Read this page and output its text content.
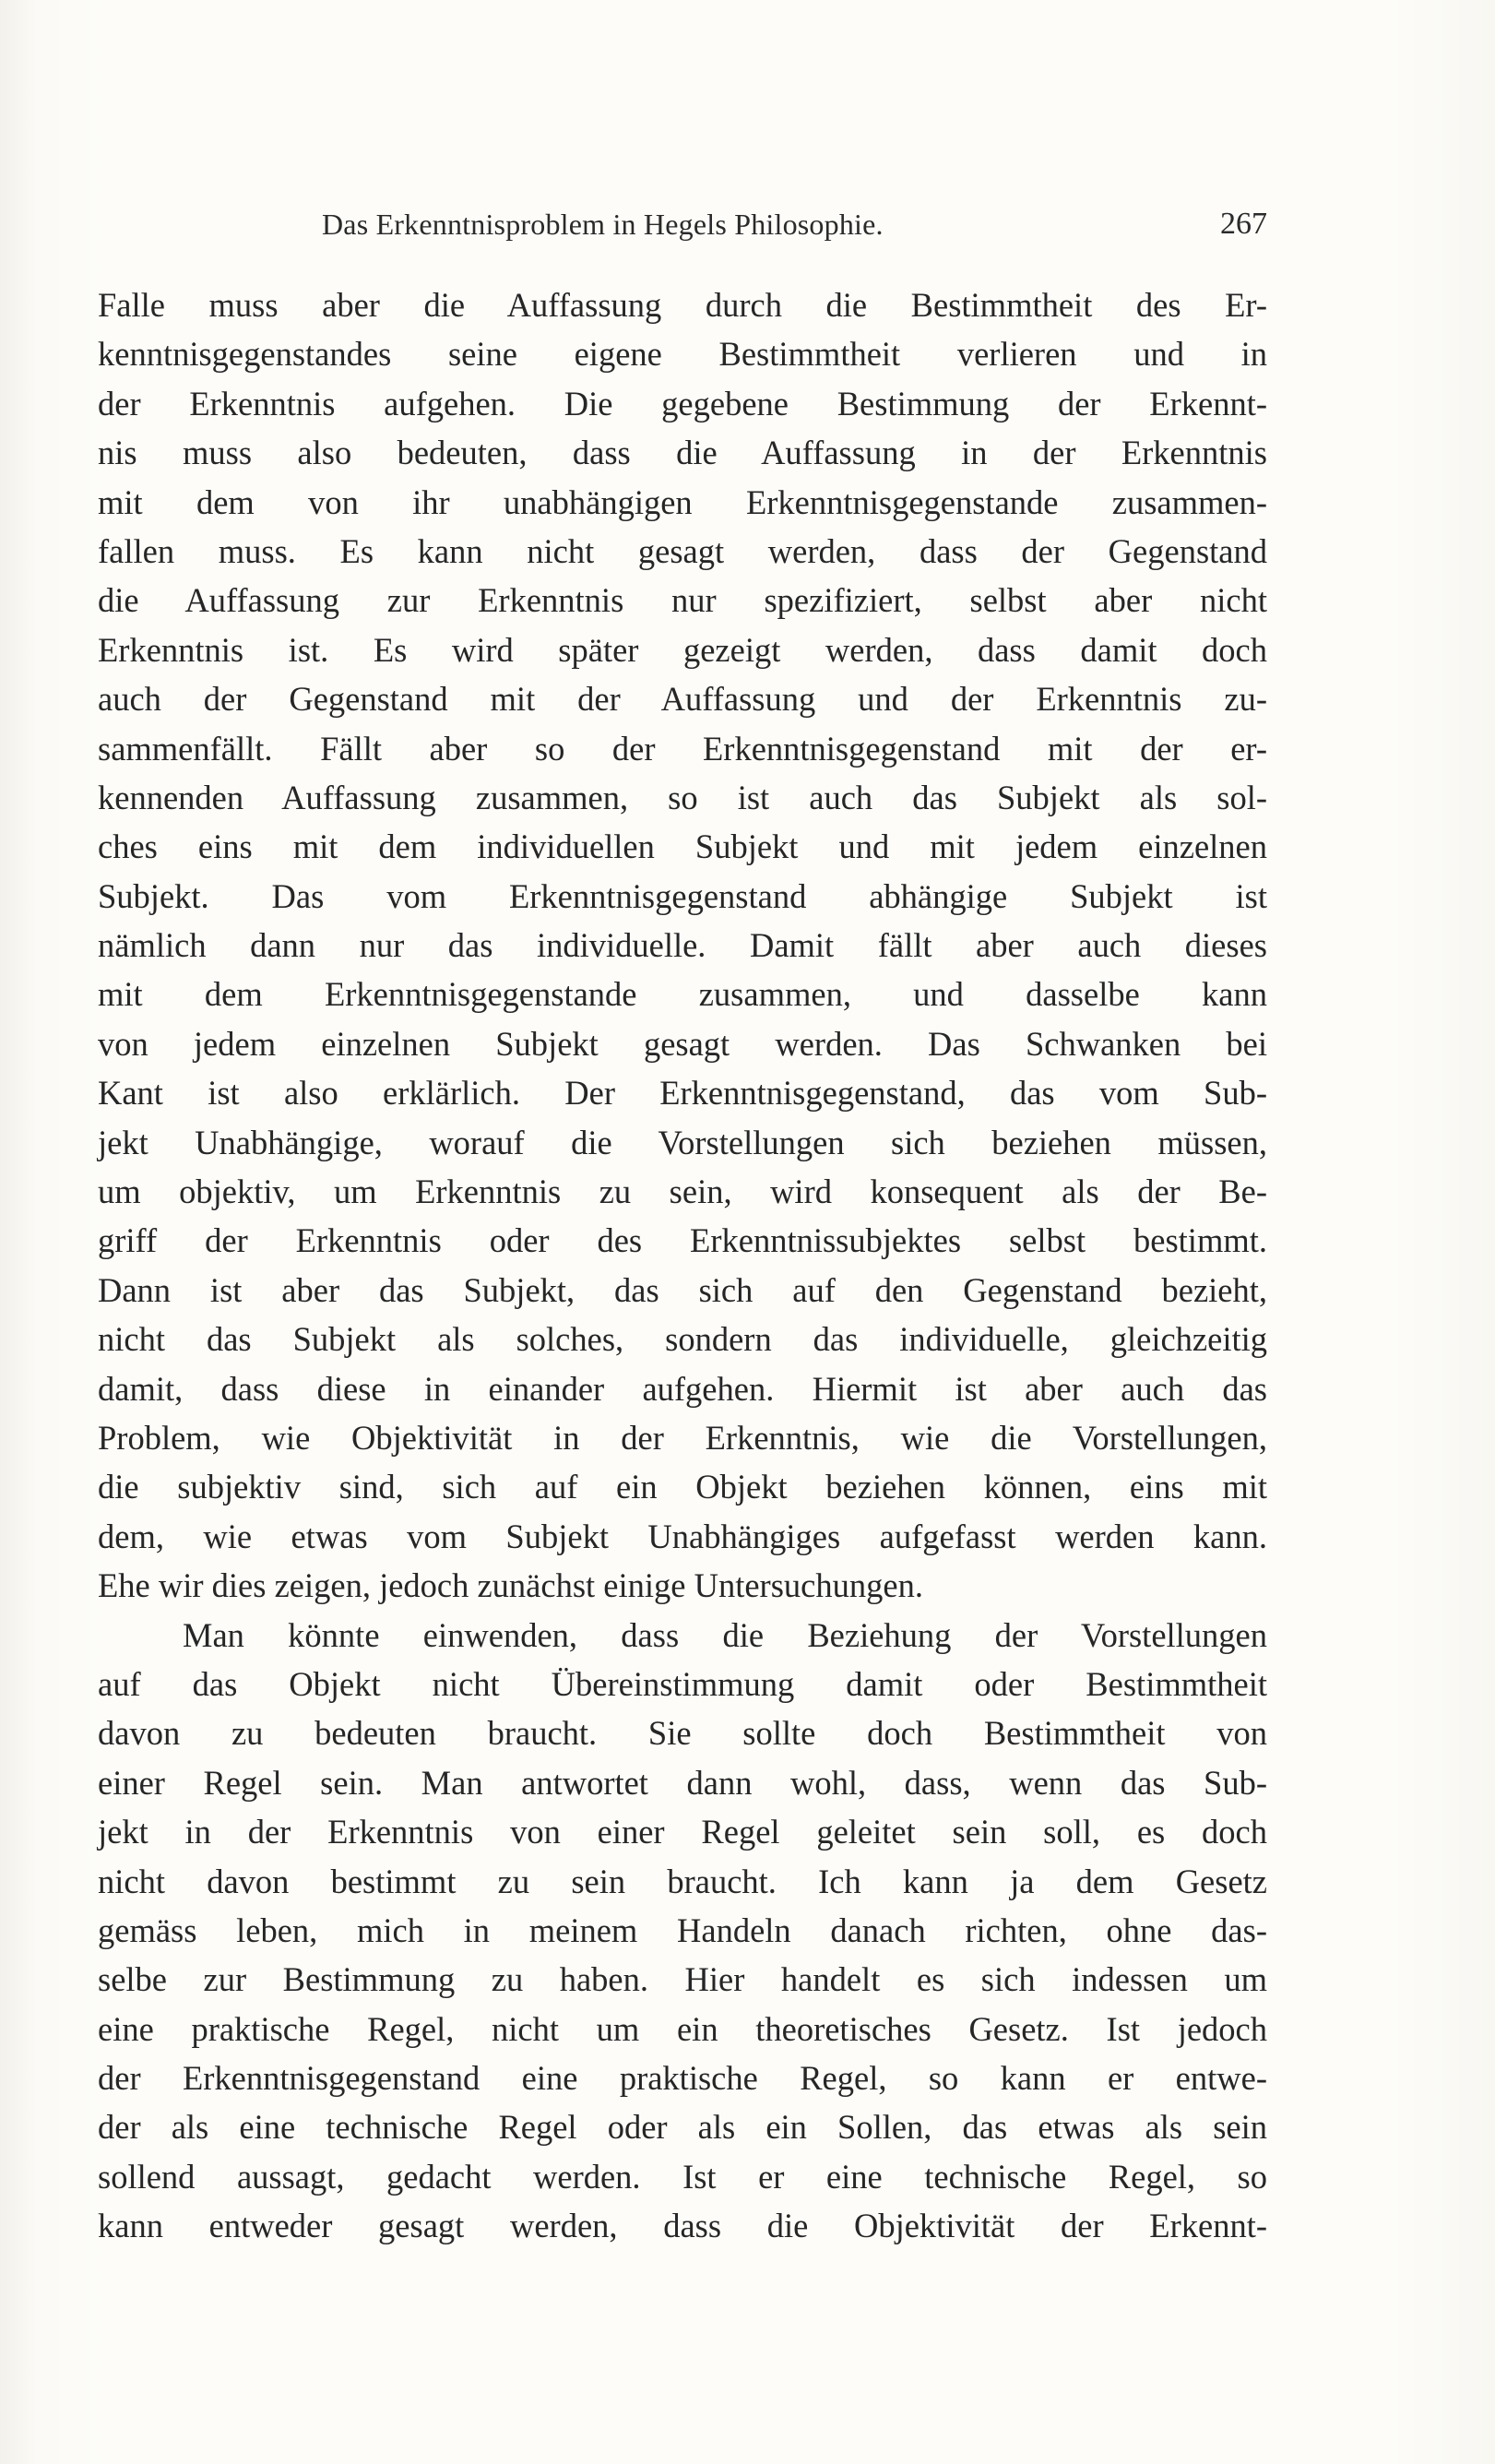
Das Erkenntnisproblem in Hegels Philosophie.	267
Falle muss aber die Auffassung durch die Bestimmtheit des Er-
kenntnisgegenstandes seine eigene Bestimmtheit verlieren und in
der Erkenntnis aufgehen. Die gegebene Bestimmung der Erkennt-
nis muss also bedeuten, dass die Auffassung in der Erkenntnis
mit dem von ihr unabhängigen Erkenntnisgegenstande zusammen-
fallen muss. Es kann nicht gesagt werden, dass der Gegenstand
die Auffassung zur Erkenntnis nur spezifiziert, selbst aber nicht
Erkenntnis ist. Es wird später gezeigt werden, dass damit doch
auch der Gegenstand mit der Auffassung und der Erkenntnis zu-
sammenfällt. Fällt aber so der Erkenntnisgegenstand mit der er-
kennenden Auffassung zusammen, so ist auch das Subjekt als sol-
ches eins mit dem individuellen Subjekt und mit jedem einzelnen
Subjekt. Das vom Erkenntnisgegenstand abhängige Subjekt ist
nämlich dann nur das individuelle. Damit fällt aber auch dieses
mit dem Erkenntnisgegenstande zusammen, und dasselbe kann
von jedem einzelnen Subjekt gesagt werden. Das Schwanken bei
Kant ist also erklärlich. Der Erkenntnisgegenstand, das vom Sub-
jekt Unabhängige, worauf die Vorstellungen sich beziehen müssen,
um objektiv, um Erkenntnis zu sein, wird konsequent als der Be-
griff der Erkenntnis oder des Erkenntnissubjektes selbst bestimmt.
Dann ist aber das Subjekt, das sich auf den Gegenstand bezieht,
nicht das Subjekt als solches, sondern das individuelle, gleichzeitig
damit, dass diese in einander aufgehen. Hiermit ist aber auch das
Problem, wie Objektivität in der Erkenntnis, wie die Vorstellungen,
die subjektiv sind, sich auf ein Objekt beziehen können, eins mit
dem, wie etwas vom Subjekt Unabhängiges aufgefasst werden kann.
Ehe wir dies zeigen, jedoch zunächst einige Untersuchungen.
Man könnte einwenden, dass die Beziehung der Vorstellungen
auf das Objekt nicht Übereinstimmung damit oder Bestimmtheit
davon zu bedeuten braucht. Sie sollte doch Bestimmtheit von
einer Regel sein. Man antwortet dann wohl, dass, wenn das Sub-
jekt in der Erkenntnis von einer Regel geleitet sein soll, es doch
nicht davon bestimmt zu sein braucht. Ich kann ja dem Gesetz
gemäss leben, mich in meinem Handeln danach richten, ohne das-
selbe zur Bestimmung zu haben. Hier handelt es sich indessen um
eine praktische Regel, nicht um ein theoretisches Gesetz. Ist jedoch
der Erkenntnisgegenstand eine praktische Regel, so kann er entwe-
der als eine technische Regel oder als ein Sollen, das etwas als sein
sollend aussagt, gedacht werden. Ist er eine technische Regel, so
kann entweder gesagt werden, dass die Objektivität der Erkennt-
